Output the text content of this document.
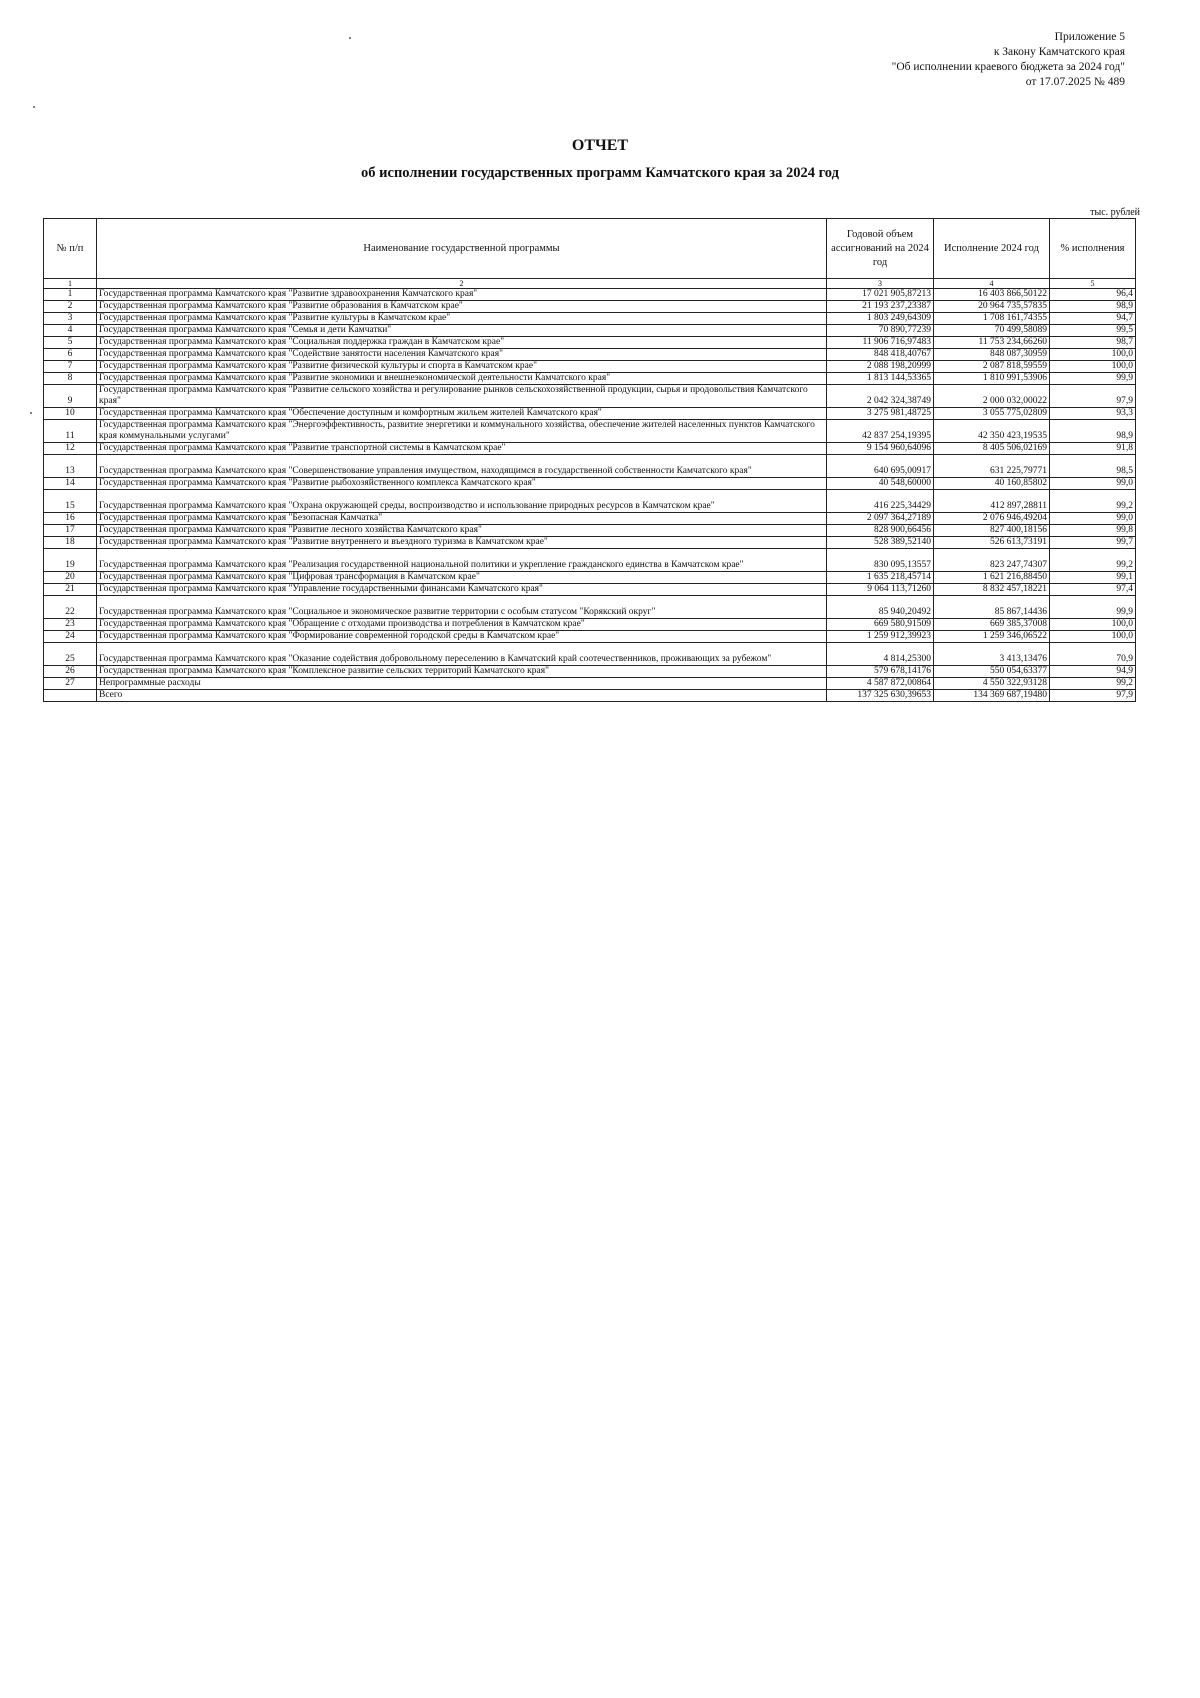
Приложение 5
к Закону Камчатского края
"Об исполнении краевого бюджета за 2024 год"
от 17.07.2025 № 489
ОТЧЕТ
об исполнении государственных программ Камчатского края за 2024 год
тыс. рублей
№ п/п	Наименование государственной программы	Годовой объем ассигнований на 2024 год	Исполнение 2024 год	% исполнения
1	2	3	4	5
1	Государственная программа Камчатского края "Развитие здравоохранения Камчатского края"	17 021 905,87213	16 403 866,50122	96,4
2	Государственная программа Камчатского края "Развитие образования в Камчатском крае"	21 193 237,23387	20 964 735,57835	98,9
3	Государственная программа Камчатского края "Развитие культуры в Камчатском крае"	1 803 249,64309	1 708 161,74355	94,7
4	Государственная программа Камчатского края "Семья и дети Камчатки"	70 890,77239	70 499,58089	99,5
5	Государственная программа Камчатского края "Социальная поддержка граждан в Камчатском крае"	11 906 716,97483	11 753 234,66260	98,7
6	Государственная программа Камчатского края "Содействие занятости населения Камчатского края"	848 418,40767	848 087,30959	100,0
7	Государственная программа Камчатского края "Развитие физической культуры и спорта в Камчатском крае"	2 088 198,20999	2 087 818,59559	100,0
8	Государственная программа Камчатского края "Развитие экономики и внешнеэкономической деятельности Камчатского края"	1 813 144,53365	1 810 991,53906	99,9
9	Государственная программа Камчатского края "Развитие сельского хозяйства и регулирование рынков сельскохозяйственной продукции, сырья и продовольствия Камчатского края"	2 042 324,38749	2 000 032,00022	97,9
10	Государственная программа Камчатского края "Обеспечение доступным и комфортным жильем жителей Камчатского края"	3 275 981,48725	3 055 775,02809	93,3
11	Государственная программа Камчатского края "Энергоэффективность, развитие энергетики и коммунального хозяйства, обеспечение жителей населенных пунктов Камчатского края коммунальными услугами"	42 837 254,19395	42 350 423,19535	98,9
12	Государственная программа Камчатского края "Развитие транспортной системы в Камчатском крае"	9 154 960,64096	8 405 506,02169	91,8
13	Государственная программа Камчатского края "Совершенствование управления имуществом, находящимся в государственной собственности Камчатского края"	640 695,00917	631 225,79771	98,5
14	Государственная программа Камчатского края "Развитие рыбохозяйственного комплекса Камчатского края"	40 548,60000	40 160,85802	99,0
15	Государственная программа Камчатского края "Охрана окружающей среды, воспроизводство и использование природных ресурсов в Камчатском крае"	416 225,34429	412 897,28811	99,2
16	Государственная программа Камчатского края "Безопасная Камчатка"	2 097 364,27189	2 076 946,49204	99,0
17	Государственная программа Камчатского края "Развитие лесного хозяйства Камчатского края"	828 900,66456	827 400,18156	99,8
18	Государственная программа Камчатского края "Развитие внутреннего и въездного туризма в Камчатском крае"	528 389,52140	526 613,73191	99,7
19	Государственная программа Камчатского края "Реализация государственной национальной политики и укрепление гражданского единства в Камчатском крае"	830 095,13557	823 247,74307	99,2
20	Государственная программа Камчатского края "Цифровая трансформация в Камчатском крае"	1 635 218,45714	1 621 216,88450	99,1
21	Государственная программа Камчатского края "Управление государственными финансами Камчатского края"	9 064 113,71260	8 832 457,18221	97,4
22	Государственная программа Камчатского края "Социальное и экономическое развитие территории с особым статусом "Корякский округ"	85 940,20492	85 867,14436	99,9
23	Государственная программа Камчатского края "Обращение с отходами производства и потребления в Камчатском крае"	669 580,91509	669 385,37008	100,0
24	Государственная программа Камчатского края "Формирование современной городской среды в Камчатском крае"	1 259 912,39923	1 259 346,06522	100,0
25	Государственная программа Камчатского края "Оказание содействия добровольному переселению в Камчатский край соотечественников, проживающих за рубежом"	4 814,25300	3 413,13476	70,9
26	Государственная программа Камчатского края "Комплексное развитие сельских территорий Камчатского края"	579 678,14176	550 054,63377	94,9
27	Непрограммные расходы	4 587 872,00864	4 550 322,93128	99,2
	Всего	137 325 630,39653	134 369 687,19480	97,9
